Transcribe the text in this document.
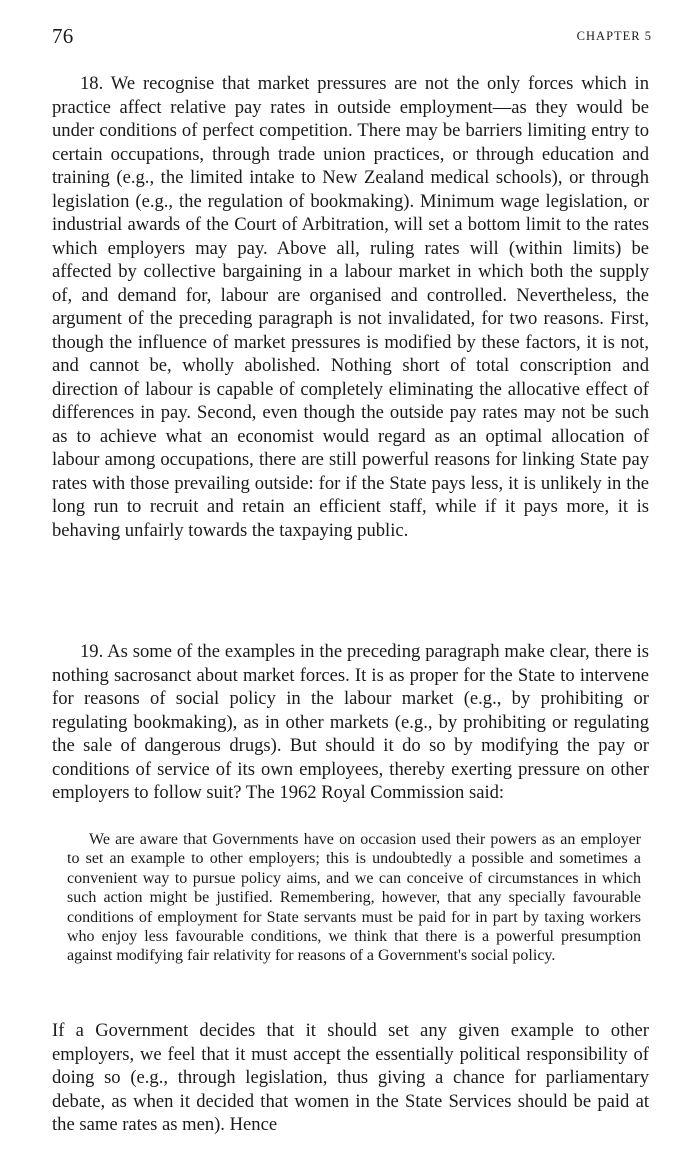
76	CHAPTER 5

18. We recognise that market pressures are not the only forces which in practice affect relative pay rates in outside employment—as they would be under conditions of perfect competition. There may be barriers limiting entry to certain occupations, through trade union practices, or through education and training (e.g., the limited intake to New Zealand medical schools), or through legislation (e.g., the regulation of bookmaking). Minimum wage legislation, or industrial awards of the Court of Arbitration, will set a bottom limit to the rates which employers may pay. Above all, ruling rates will (within limits) be affected by collective bargaining in a labour market in which both the supply of, and demand for, labour are organised and controlled. Nevertheless, the argument of the preceding paragraph is not invalidated, for two reasons. First, though the influence of market pressures is modified by these factors, it is not, and cannot be, wholly abolished. Nothing short of total conscription and direction of labour is capable of completely eliminating the allocative effect of differences in pay. Second, even though the outside pay rates may not be such as to achieve what an economist would regard as an optimal allocation of labour among occupations, there are still powerful reasons for linking State pay rates with those prevailing outside: for if the State pays less, it is unlikely in the long run to recruit and retain an efficient staff, while if it pays more, it is behaving unfairly towards the taxpaying public.

19. As some of the examples in the preceding paragraph make clear, there is nothing sacrosanct about market forces. It is as proper for the State to intervene for reasons of social policy in the labour market (e.g., by prohibiting or regulating bookmaking), as in other markets (e.g., by prohibiting or regulating the sale of dangerous drugs). But should it do so by modifying the pay or conditions of service of its own employees, thereby exerting pressure on other employers to follow suit? The 1962 Royal Commission said:

We are aware that Governments have on occasion used their powers as an employer to set an example to other employers; this is undoubtedly a possible and sometimes a convenient way to pursue policy aims, and we can conceive of circumstances in which such action might be justified. Remembering, however, that any specially favourable conditions of employment for State servants must be paid for in part by taxing workers who enjoy less favourable conditions, we think that there is a powerful presumption against modifying fair relativity for reasons of a Government's social policy.

If a Government decides that it should set any given example to other employers, we feel that it must accept the essentially political responsibility of doing so (e.g., through legislation, thus giving a chance for parliamentary debate, as when it decided that women in the State Services should be paid at the same rates as men). Hence
